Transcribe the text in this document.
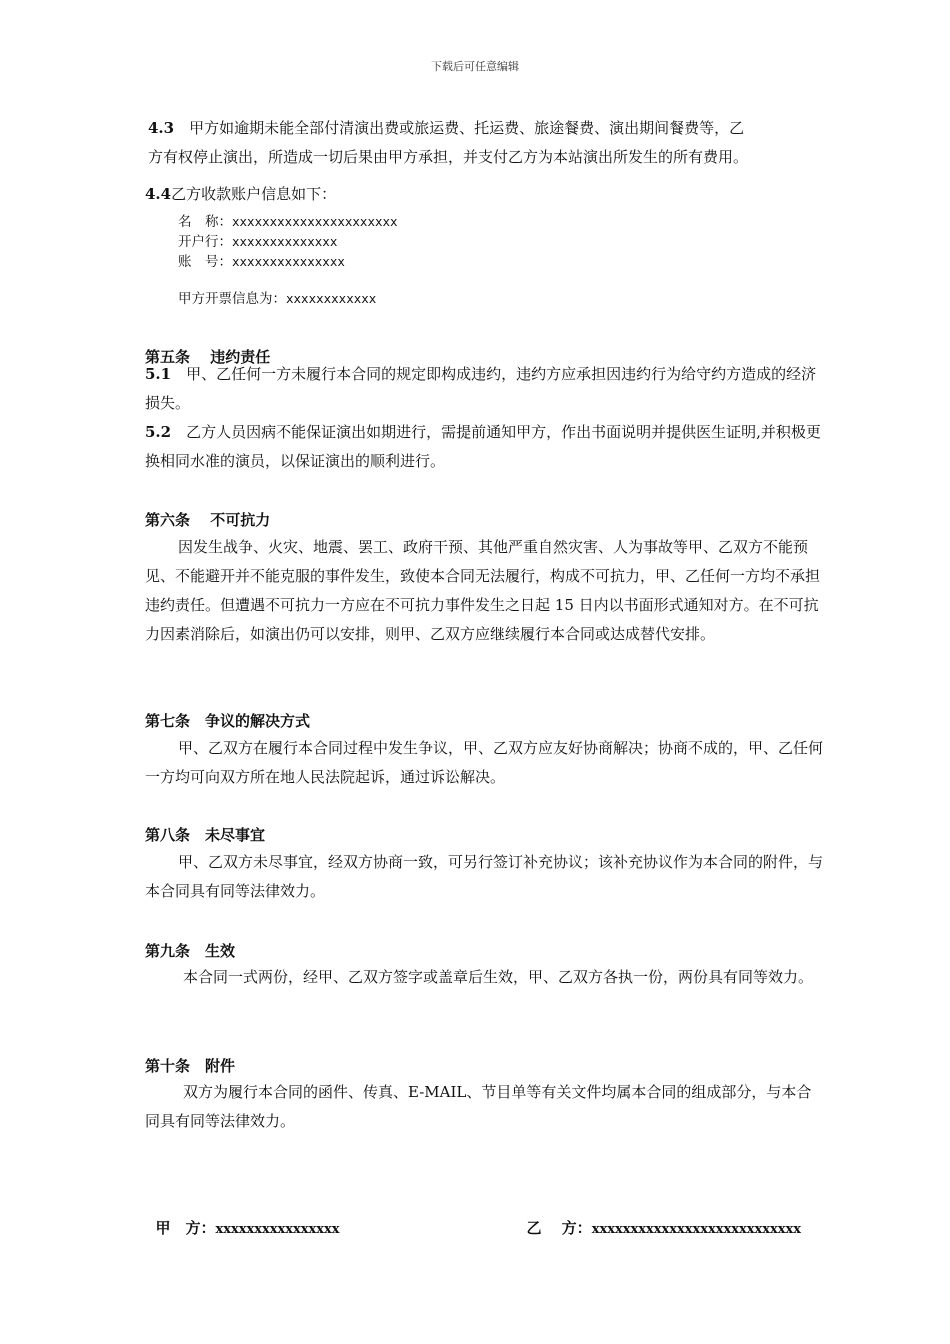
下载后可任意编辑
4.3　 甲方如逾期未能全部付清演出费或旅运费、托运费、旅途餐费、演出期间餐费等，乙
方有权停止演出，所造成一切后果由甲方承担，并支付乙方为本站演出所发生的所有费用。
4.4乙方收款账户信息如下：
名　称：xxxxxxxxxxxxxxxxxxxxxx
开户行：xxxxxxxxxxxxxx
账　号：xxxxxxxxxxxxxxx
甲方开票信息为：xxxxxxxxxxxx
第五条　 违约责任
5.1　 甲、乙任何一方未履行本合同的规定即构成违约，违约方应承担因违约行为给守约方造成的经济损失。
5.2　 乙方人员因病不能保证演出如期进行，需提前通知甲方，作出书面说明并提供医生证明,并积极更换相同水准的演员，以保证演出的顺利进行。
第六条　 不可抗力
因发生战争、火灾、地震、罢工、政府干预、其他严重自然灾害、人为事故等甲、乙双方不能预见、不能避开并不能克服的事件发生，致使本合同无法履行，构成不可抗力，甲、乙任何一方均不承担违约责任。但遭遇不可抗力一方应在不可抗力事件发生之日起 15 日内以书面形式通知对方。在不可抗力因素消除后，如演出仍可以安排，则甲、乙双方应继续履行本合同或达成替代安排。
第七条　争议的解决方式
甲、乙双方在履行本合同过程中发生争议，甲、乙双方应友好协商解决；协商不成的，甲、乙任何一方均可向双方所在地人民法院起诉，通过诉讼解决。
第八条　未尽事宜
甲、乙双方未尽事宜，经双方协商一致，可另行签订补充协议；该补充协议作为本合同的附件，与本合同具有同等法律效力。
第九条　生效
本合同一式两份，经甲、乙双方签字或盖章后生效，甲、乙双方各执一份，两份具有同等效力。
第十条　附件
双方为履行本合同的函件、传真、E-MAIL、节目单等有关文件均属本合同的组成部分，与本合同具有同等法律效力。

甲　方：xxxxxxxxxxxxxxxx	乙　 方：xxxxxxxxxxxxxxxxxxxxxxxxxxx
